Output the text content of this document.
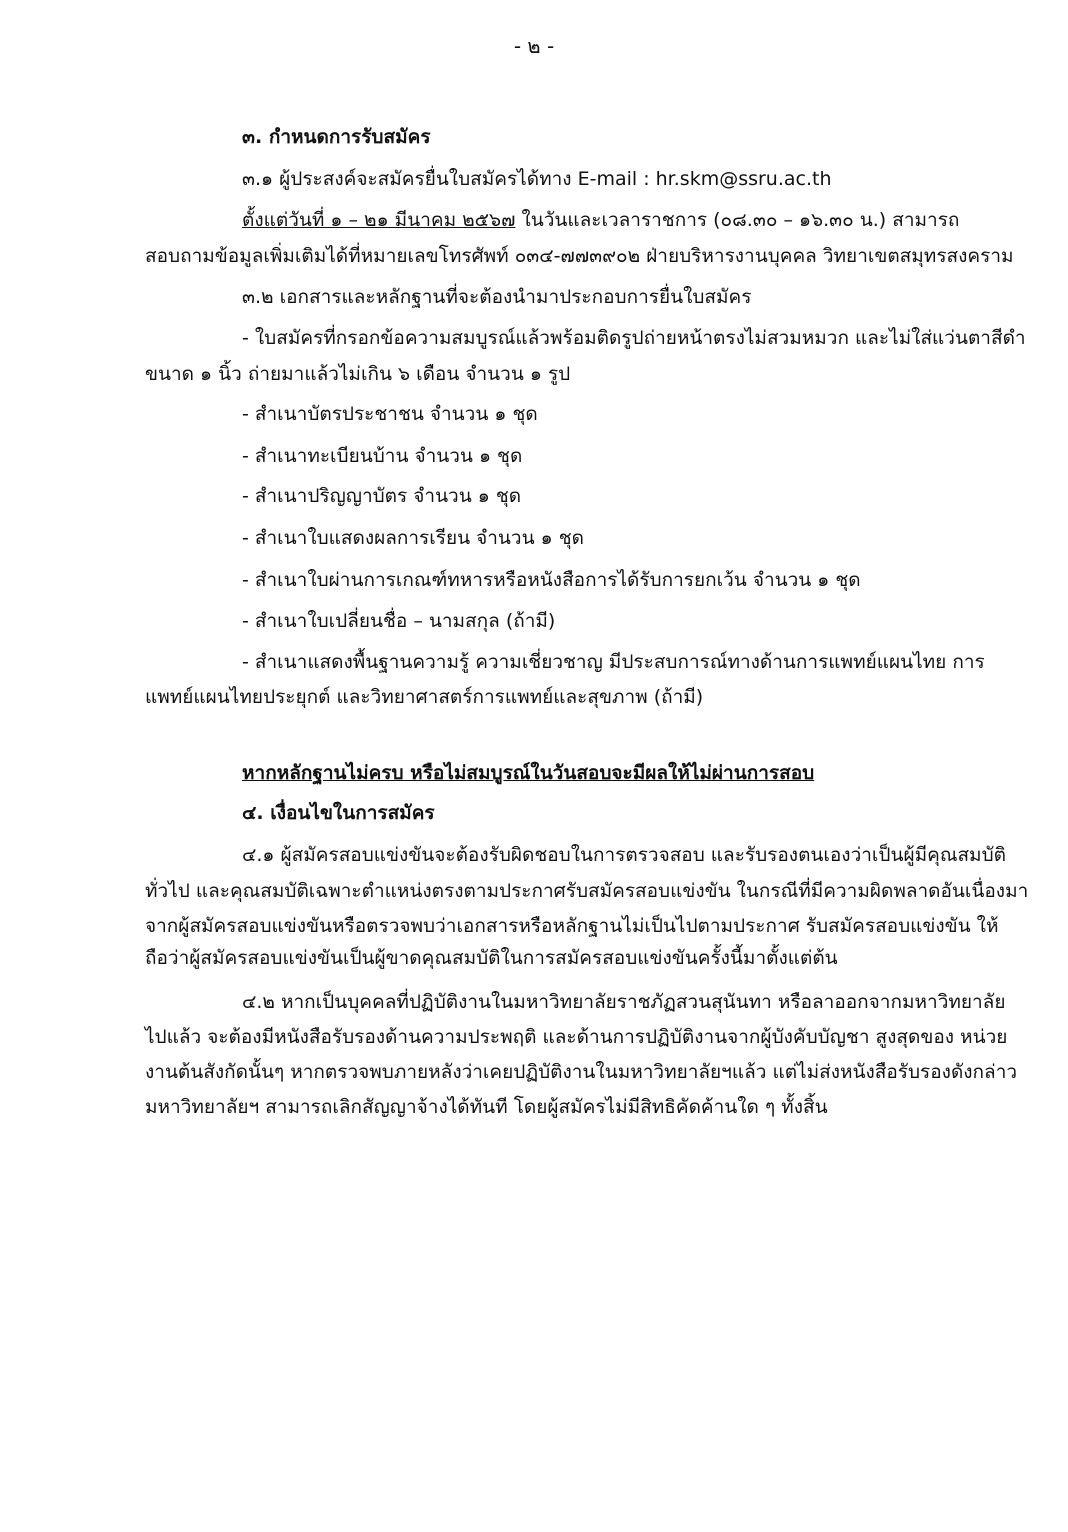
- ๒ -
๓. กำหนดการรับสมัคร
๓.๑ ผู้ประสงค์จะสมัครยื่นใบสมัครได้ทาง E-mail : hr.skm@ssru.ac.th
ตั้งแต่วันที่ ๑ – ๒๑ มีนาคม ๒๕๖๗ ในวันและเวลาราชการ (๐๘.๓๐ – ๑๖.๓๐ น.) สามารถ
สอบถามข้อมูลเพิ่มเติมได้ที่หมายเลขโทรศัพท์ ๐๓๔-๗๗๓๙๐๒ ฝ่ายบริหารงานบุคคล วิทยาเขตสมุทรสงคราม
๓.๒ เอกสารและหลักฐานที่จะต้องนำมาประกอบการยื่นใบสมัคร
- ใบสมัครที่กรอกข้อความสมบูรณ์แล้วพร้อมติดรูปถ่ายหน้าตรงไม่สวมหมวก และไม่ใส่แว่นตาสีดำ
ขนาด ๑ นิ้ว ถ่ายมาแล้วไม่เกิน ๖ เดือน จำนวน ๑ รูป
- สำเนาบัตรประชาชน จำนวน ๑ ชุด
- สำเนาทะเบียนบ้าน จำนวน ๑ ชุด
- สำเนาปริญญาบัตร จำนวน ๑ ชุด
- สำเนาใบแสดงผลการเรียน จำนวน ๑ ชุด
- สำเนาใบผ่านการเกณฑ์ทหารหรือหนังสือการได้รับการยกเว้น จำนวน ๑ ชุด
- สำเนาใบเปลี่ยนชื่อ – นามสกุล (ถ้ามี)
- สำเนาแสดงพื้นฐานความรู้ ความเชี่ยวชาญ มีประสบการณ์ทางด้านการแพทย์แผนไทย การ
แพทย์แผนไทยประยุกต์ และวิทยาศาสตร์การแพทย์และสุขภาพ (ถ้ามี)
หากหลักฐานไม่ครบ หรือไม่สมบูรณ์ในวันสอบจะมีผลให้ไม่ผ่านการสอบ
๔. เงื่อนไขในการสมัคร
๔.๑ ผู้สมัครสอบแข่งขันจะต้องรับผิดชอบในการตรวจสอบ และรับรองตนเองว่าเป็นผู้มีคุณสมบัติ
ทั่วไป และคุณสมบัติเฉพาะตำแหน่งตรงตามประกาศรับสมัครสอบแข่งขัน ในกรณีที่มีความผิดพลาดอันเนื่องมา
จากผู้สมัครสอบแข่งขันหรือตรวจพบว่าเอกสารหรือหลักฐานไม่เป็นไปตามประกาศ รับสมัครสอบแข่งขัน ให้
ถือว่าผู้สมัครสอบแข่งขันเป็นผู้ขาดคุณสมบัติในการสมัครสอบแข่งขันครั้งนี้มาตั้งแต่ต้น
๔.๒ หากเป็นบุคคลที่ปฏิบัติงานในมหาวิทยาลัยราชภัฏสวนสุนันทา หรือลาออกจากมหาวิทยาลัย
ไปแล้ว จะต้องมีหนังสือรับรองด้านความประพฤติ และด้านการปฏิบัติงานจากผู้บังคับบัญชา สูงสุดของ หน่วย
งานต้นสังกัดนั้นๆ หากตรวจพบภายหลังว่าเคยปฏิบัติงานในมหาวิทยาลัยฯแล้ว แต่ไม่ส่งหนังสือรับรองดังกล่าว
มหาวิทยาลัยฯ สามารถเลิกสัญญาจ้างได้ทันที โดยผู้สมัครไม่มีสิทธิคัดค้านใด ๆ ทั้งสิ้น
